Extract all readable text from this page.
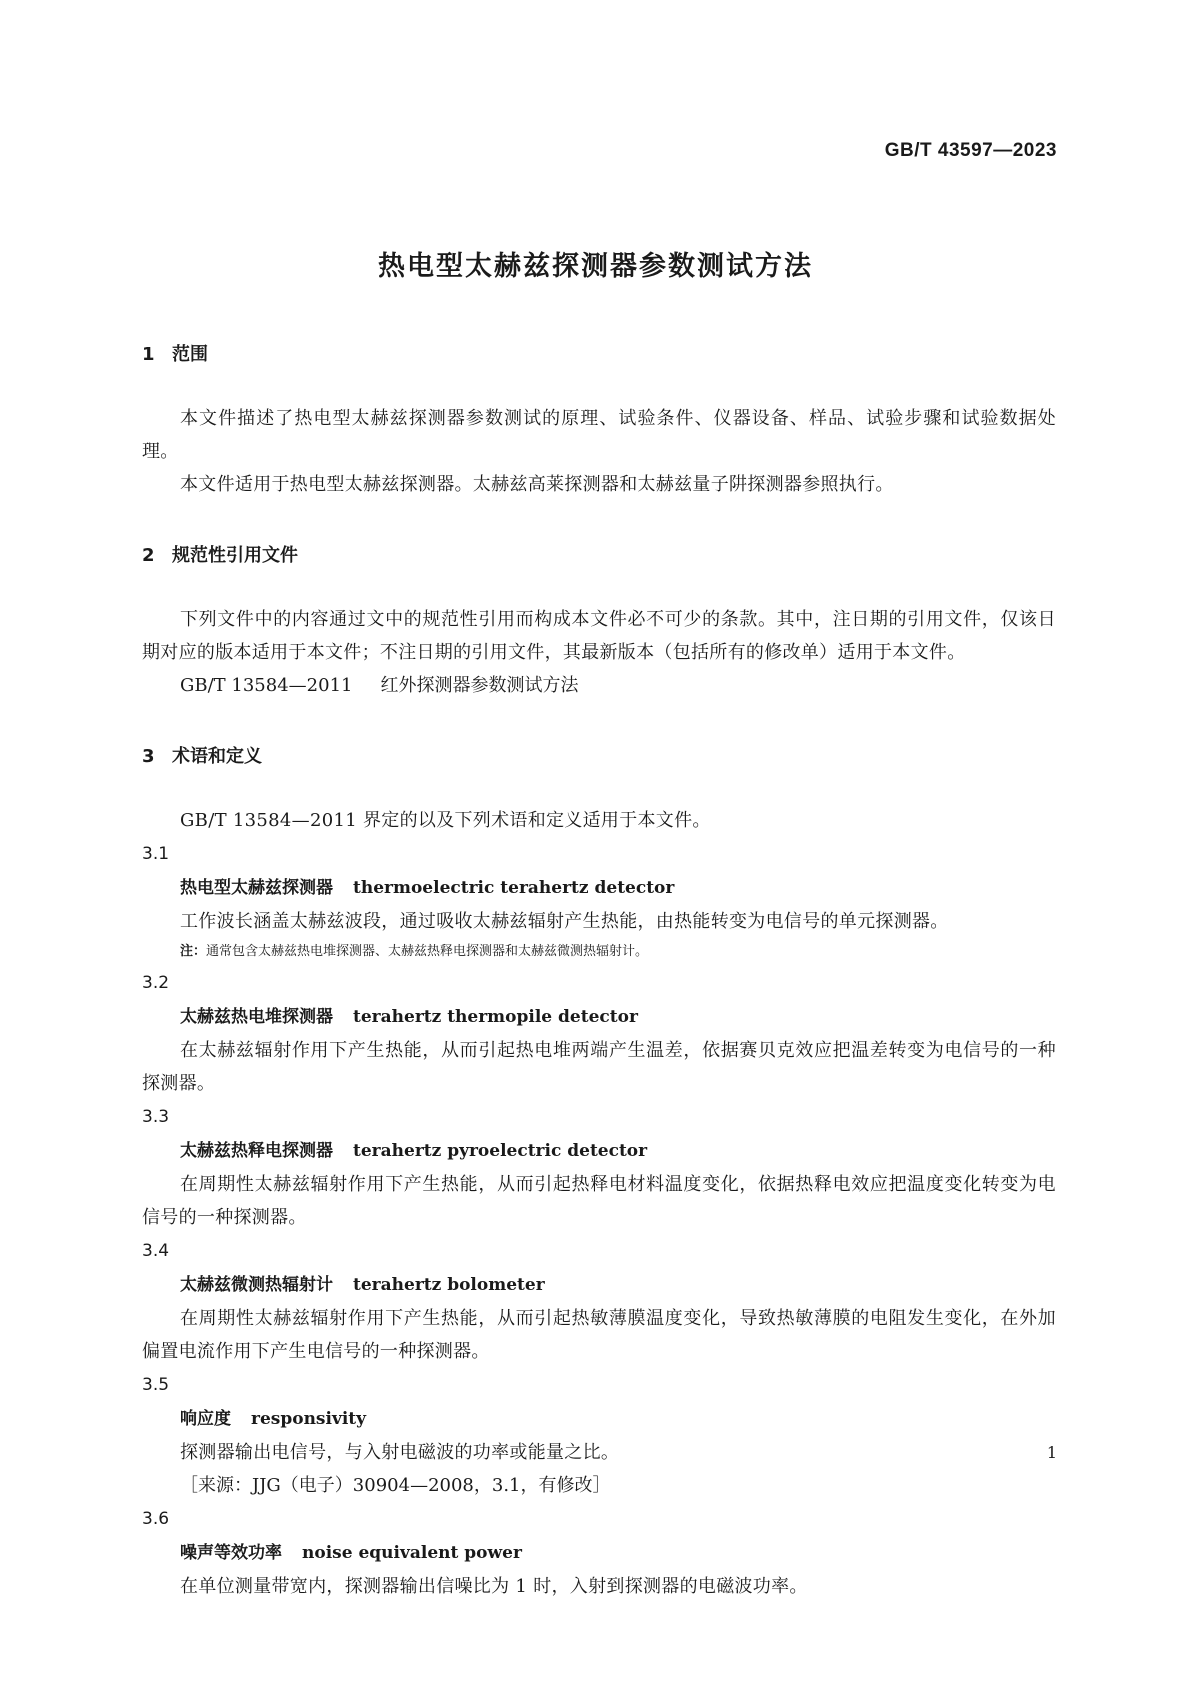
GB/T 43597—2023
热电型太赫兹探测器参数测试方法
1 范围
本文件描述了热电型太赫兹探测器参数测试的原理、试验条件、仪器设备、样品、试验步骤和试验数据处理。
本文件适用于热电型太赫兹探测器。太赫兹高莱探测器和太赫兹量子阱探测器参照执行。
2 规范性引用文件
下列文件中的内容通过文中的规范性引用而构成本文件必不可少的条款。其中，注日期的引用文件，仅该日期对应的版本适用于本文件；不注日期的引用文件，其最新版本（包括所有的修改单）适用于本文件。
GB/T 13584—2011 红外探测器参数测试方法
3 术语和定义
GB/T 13584—2011 界定的以及下列术语和定义适用于本文件。
3.1
热电型太赫兹探测器 thermoelectric terahertz detector
工作波长涵盖太赫兹波段，通过吸收太赫兹辐射产生热能，由热能转变为电信号的单元探测器。
注：通常包含太赫兹热电堆探测器、太赫兹热释电探测器和太赫兹微测热辐射计。
3.2
太赫兹热电堆探测器 terahertz thermopile detector
在太赫兹辐射作用下产生热能，从而引起热电堆两端产生温差，依据赛贝克效应把温差转变为电信号的一种探测器。
3.3
太赫兹热释电探测器 terahertz pyroelectric detector
在周期性太赫兹辐射作用下产生热能，从而引起热释电材料温度变化，依据热释电效应把温度变化转变为电信号的一种探测器。
3.4
太赫兹微测热辐射计 terahertz bolometer
在周期性太赫兹辐射作用下产生热能，从而引起热敏薄膜温度变化，导致热敏薄膜的电阻发生变化，在外加偏置电流作用下产生电信号的一种探测器。
3.5
响应度 responsivity
探测器输出电信号，与入射电磁波的功率或能量之比。
［来源：JJG（电子）30904—2008，3.1，有修改］
3.6
噪声等效功率 noise equivalent power
在单位测量带宽内，探测器输出信噪比为 1 时，入射到探测器的电磁波功率。
1
